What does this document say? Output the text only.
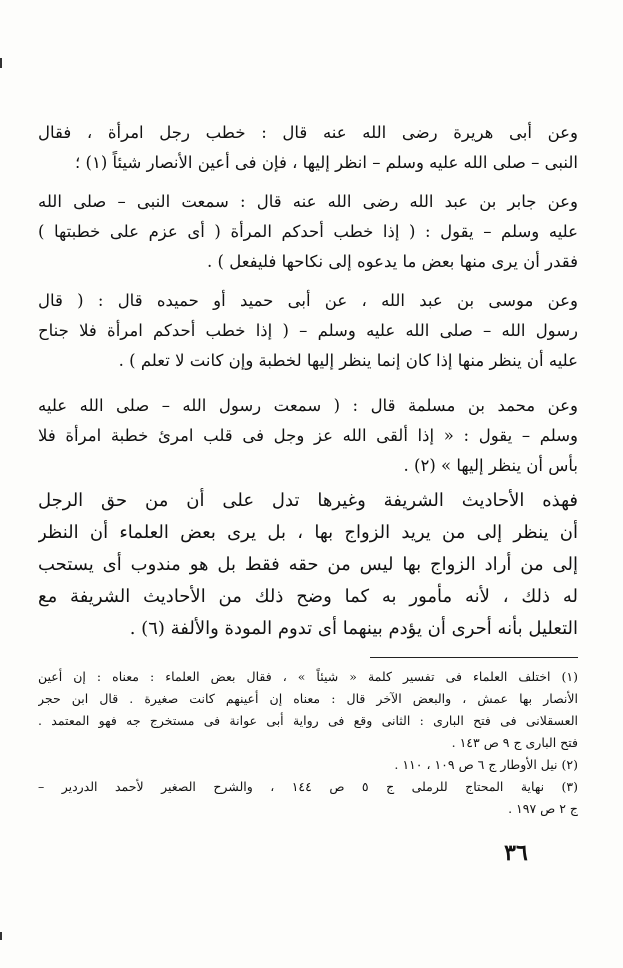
وعن أبى هريرة رضى الله عنه قال : خطب رجل امرأة ، فقال
النبى – صلى الله عليه وسلم – انظر إليها ، فإن فى أعين الأنصار شيئاً (١) ؛
وعن جابر بن عبد الله رضى الله عنه قال : سمعت النبى – صلى الله
عليه وسلم – يقول : ( إذا خطب أحدكم المرأة ( أى عزم على خطبتها )
فقدر أن يرى منها بعض ما يدعوه إلى نكاحها فليفعل ) .
وعن موسى بن عبد الله ، عن أبى حميد أو حميده قال : ( قال
رسول الله – صلى الله عليه وسلم – ( إذا خطب أحدكم امرأة فلا جناح
عليه أن ينظر منها إذا كان إنما ينظر إليها لخطبة وإن كانت لا تعلم ) .
وعن محمد بن مسلمة قال : ( سمعت رسول الله – صلى الله عليه
وسلم – يقول : « إذا ألقى الله عز وجل فى قلب امرئ خطبة امرأة فلا
بأس أن ينظر إليها » (٢) .
فهذه الأحاديث الشريفة وغيرها تدل على أن من حق الرجل
أن ينظر إلى من يريد الزواج بها ، بل يرى بعض العلماء أن النظر
إلى من أراد الزواج بها ليس من حقه فقط بل هو مندوب أى يستحب
له ذلك ، لأنه مأمور به كما وضح ذلك من الأحاديث الشريفة مع
التعليل بأنه أحرى أن يؤدم بينهما أى تدوم المودة والألفة (٦) .
(١) اختلف العلماء فى تفسير كلمة « شيئاً » ، فقال بعض العلماء : معناه : إن أعين
الأنصار بها عمش ، والبعض الآخر قال : معناه إن أعينهم كانت صغيرة . قال ابن حجر
العسقلانى فى فتح البارى : الثانى وقع فى رواية أبى عوانة فى مستخرج جه فهو المعتمد .
فتح البارى ج ٩ ص ١٤٣ .
(٢) نيل الأوطار ج ٦ ص ١٠٩ ، ١١٠ .
(٣) نهاية المحتاج للرملى ج ٥ ص ١٤٤ ، والشرح الصغير لأحمد الدردير –
ج ٢ ص ١٩٧ .
٣٦
